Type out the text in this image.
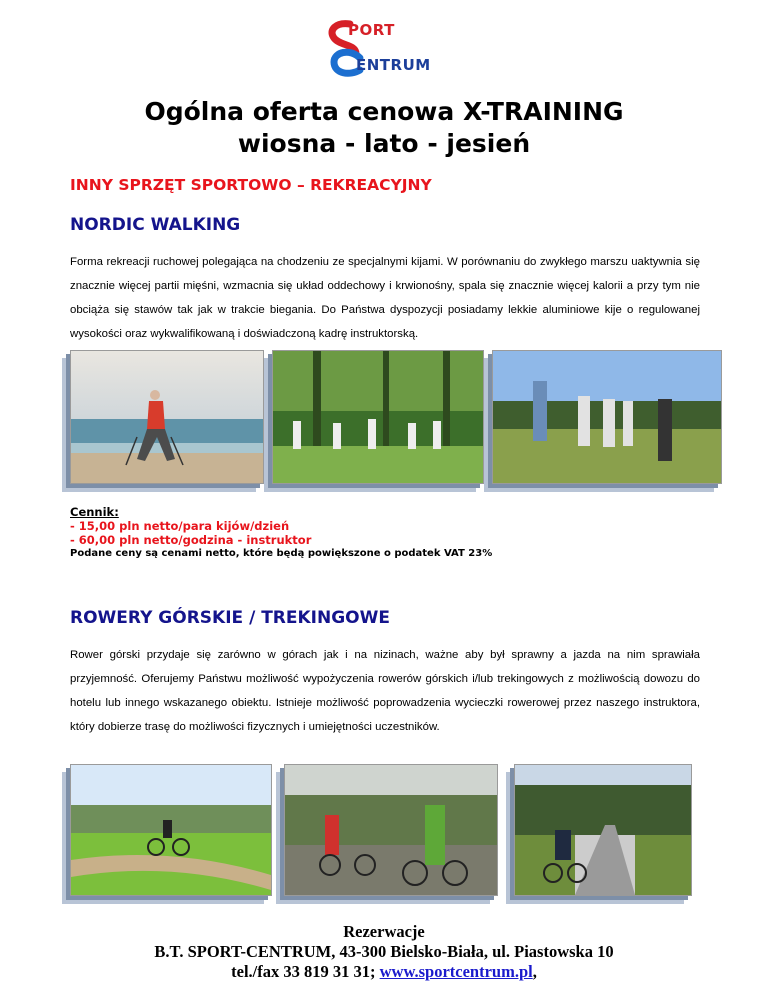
PORT
ENTRUM
Ogólna oferta cenowa X-TRAINING
wiosna - lato - jesień
INNY SPRZĘT SPORTOWO – REKREACYJNY
NORDIC WALKING
Forma rekreacji ruchowej polegająca na chodzeniu ze specjalnymi kijami. W porównaniu do zwykłego marszu uaktywnia się znacznie więcej partii mięśni, wzmacnia się układ oddechowy i krwionośny, spala się znacznie więcej kalorii a przy tym nie obciąża się stawów tak jak w trakcie biegania. Do Państwa dyspozycji posiadamy lekkie aluminiowe kije o regulowanej wysokości oraz wykwalifikowaną i doświadczoną kadrę instruktorską.
Cennik:
- 15,00 pln netto/para kijów/dzień
- 60,00 pln netto/godzina - instruktor
Podane ceny są cenami netto, które będą powiększone o podatek VAT 23%
ROWERY GÓRSKIE / TREKINGOWE
Rower górski przydaje się zarówno w górach jak i na nizinach, ważne aby był sprawny a jazda na nim sprawiała przyjemność. Oferujemy Państwu możliwość wypożyczenia rowerów górskich i/lub trekingowych z możliwością dowozu do hotelu lub innego wskazanego obiektu. Istnieje możliwość poprowadzenia wycieczki rowerowej przez naszego instruktora, który dobierze trasę do możliwości fizycznych i umiejętności uczestników.
Rezerwacje
B.T. SPORT-CENTRUM, 43-300 Bielsko-Biała, ul. Piastowska 10
tel./fax 33 819 31 31; www.sportcentrum.pl,
